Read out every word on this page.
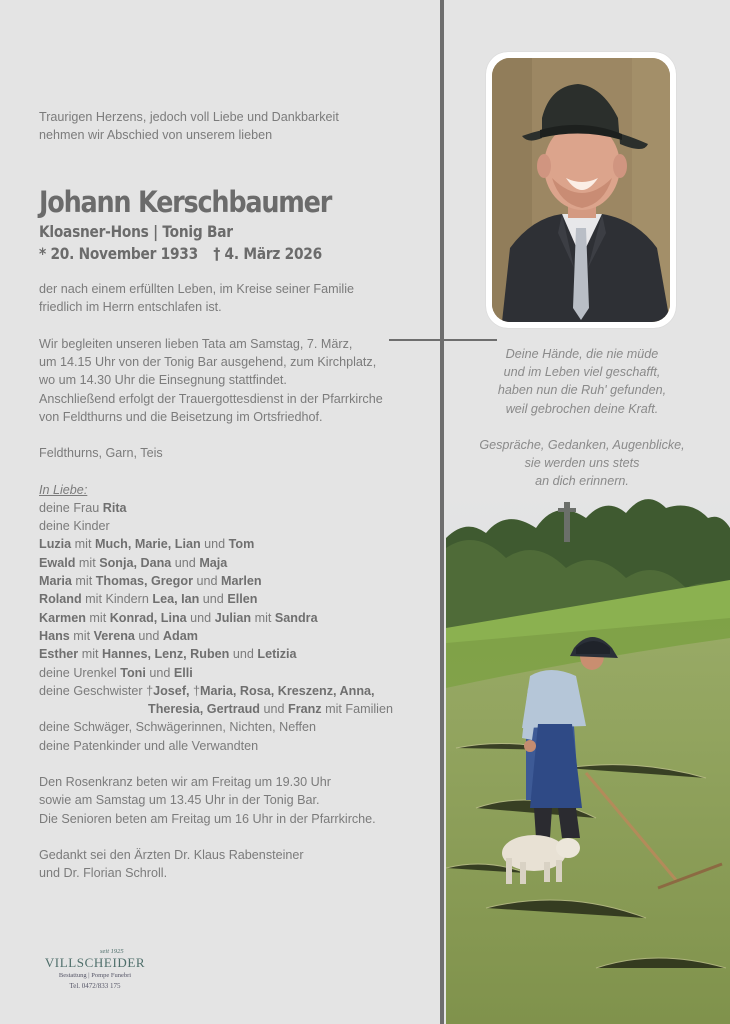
Traurigen Herzens, jedoch voll Liebe und Dankbarkeit

nehmen wir Abschied von unserem lieben

Johann Kerschbaumer
Kloasner-Hons | Tonig Bar
* 20. November 1933 † 4. März 2026

der nach einem erfüllten Leben, im Kreise seiner Familie

friedlich im Herrn entschlafen ist.

Wir begleiten unseren lieben Tata am Samstag, 7. März,

um 14.15 Uhr von der Tonig Bar ausgehend, zum Kirchplatz,

wo um 14.30 Uhr die Einsegnung stattfindet.

Anschließend erfolgt der Trauergottesdienst in der Pfarrkirche

von Feldthurns und die Beisetzung im Ortsfriedhof.

Feldthurns, Garn, Teis

In Liebe:

deine Frau Rita

deine Kinder

Luzia mit Much, Marie, Lian und Tom

Ewald mit Sonja, Dana und Maja

Maria mit Thomas, Gregor und Marlen

Roland mit Kindern Lea, Ian und Ellen

Karmen mit Konrad, Lina und Julian mit Sandra

Hans mit Verena und Adam

Esther mit Hannes, Lenz, Ruben und Letizia

deine Urenkel Toni und Elli

deine Geschwister †Josef, †Maria, Rosa, Kreszenz, Anna,

Theresia, Gertraud und Franz mit Familien

deine Schwäger, Schwägerinnen, Nichten, Neffen

deine Patenkinder und alle Verwandten

Den Rosenkranz beten wir am Freitag um 19.30 Uhr

sowie am Samstag um 13.45 Uhr in der Tonig Bar.

Die Senioren beten am Freitag um 16 Uhr in der Pfarrkirche.

Gedankt sei den Ärzten Dr. Klaus Rabensteiner

und Dr. Florian Schroll.

Deine Hände, die nie müde

und im Leben viel geschafft,

haben nun die Ruh' gefunden,

weil gebrochen deine Kraft.

Gespräche, Gedanken, Augenblicke,

sie werden uns stets

an dich erinnern.

seit 1925
VILLSCHEIDER
Bestattung | Pompe Funebri
Tel. 0472/833 175
